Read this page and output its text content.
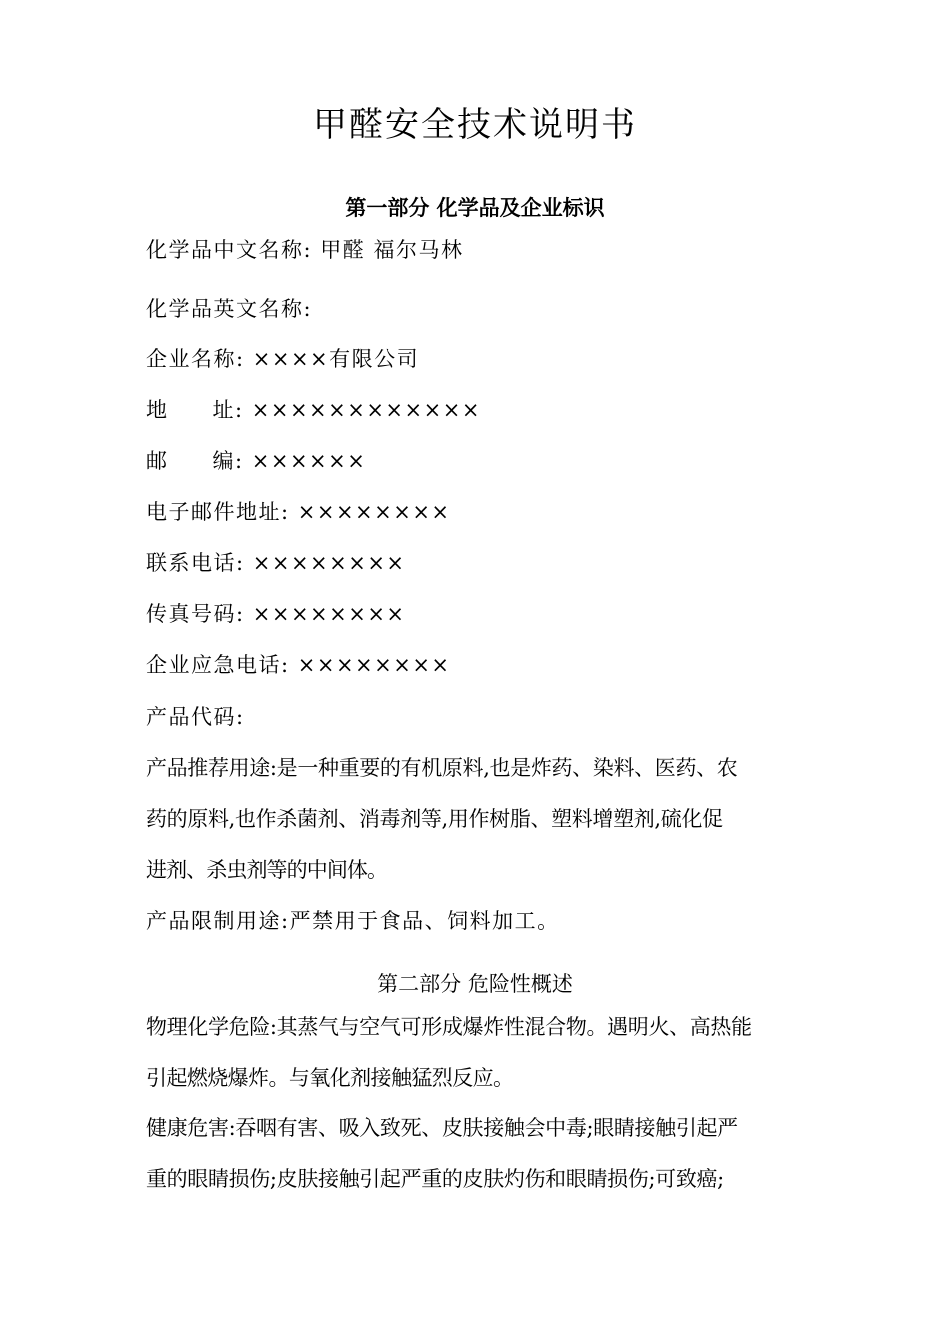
甲醛安全技术说明书
第一部分 化学品及企业标识
化学品中文名称: 甲醛 福尔马林
化学品英文名称:
企业名称: ××××有限公司
地 址: ××××××××××××
邮 编: ××××××
电子邮件地址: ××××××××
联系电话: ××××××××
传真号码: ××××××××
企业应急电话: ××××××××
产品代码:
产品推荐用途:是一种重要的有机原料,也是炸药、染料、医药、农
药的原料,也作杀菌剂、消毒剂等,用作树脂、塑料增塑剂,硫化促
进剂、杀虫剂等的中间体。
产品限制用途:严禁用于食品、饲料加工。
第二部分 危险性概述
物理化学危险:其蒸气与空气可形成爆炸性混合物。遇明火、高热能
引起燃烧爆炸。与氧化剂接触猛烈反应。
健康危害:吞咽有害、吸入致死、皮肤接触会中毒;眼睛接触引起严
重的眼睛损伤;皮肤接触引起严重的皮肤灼伤和眼睛损伤;可致癌;
